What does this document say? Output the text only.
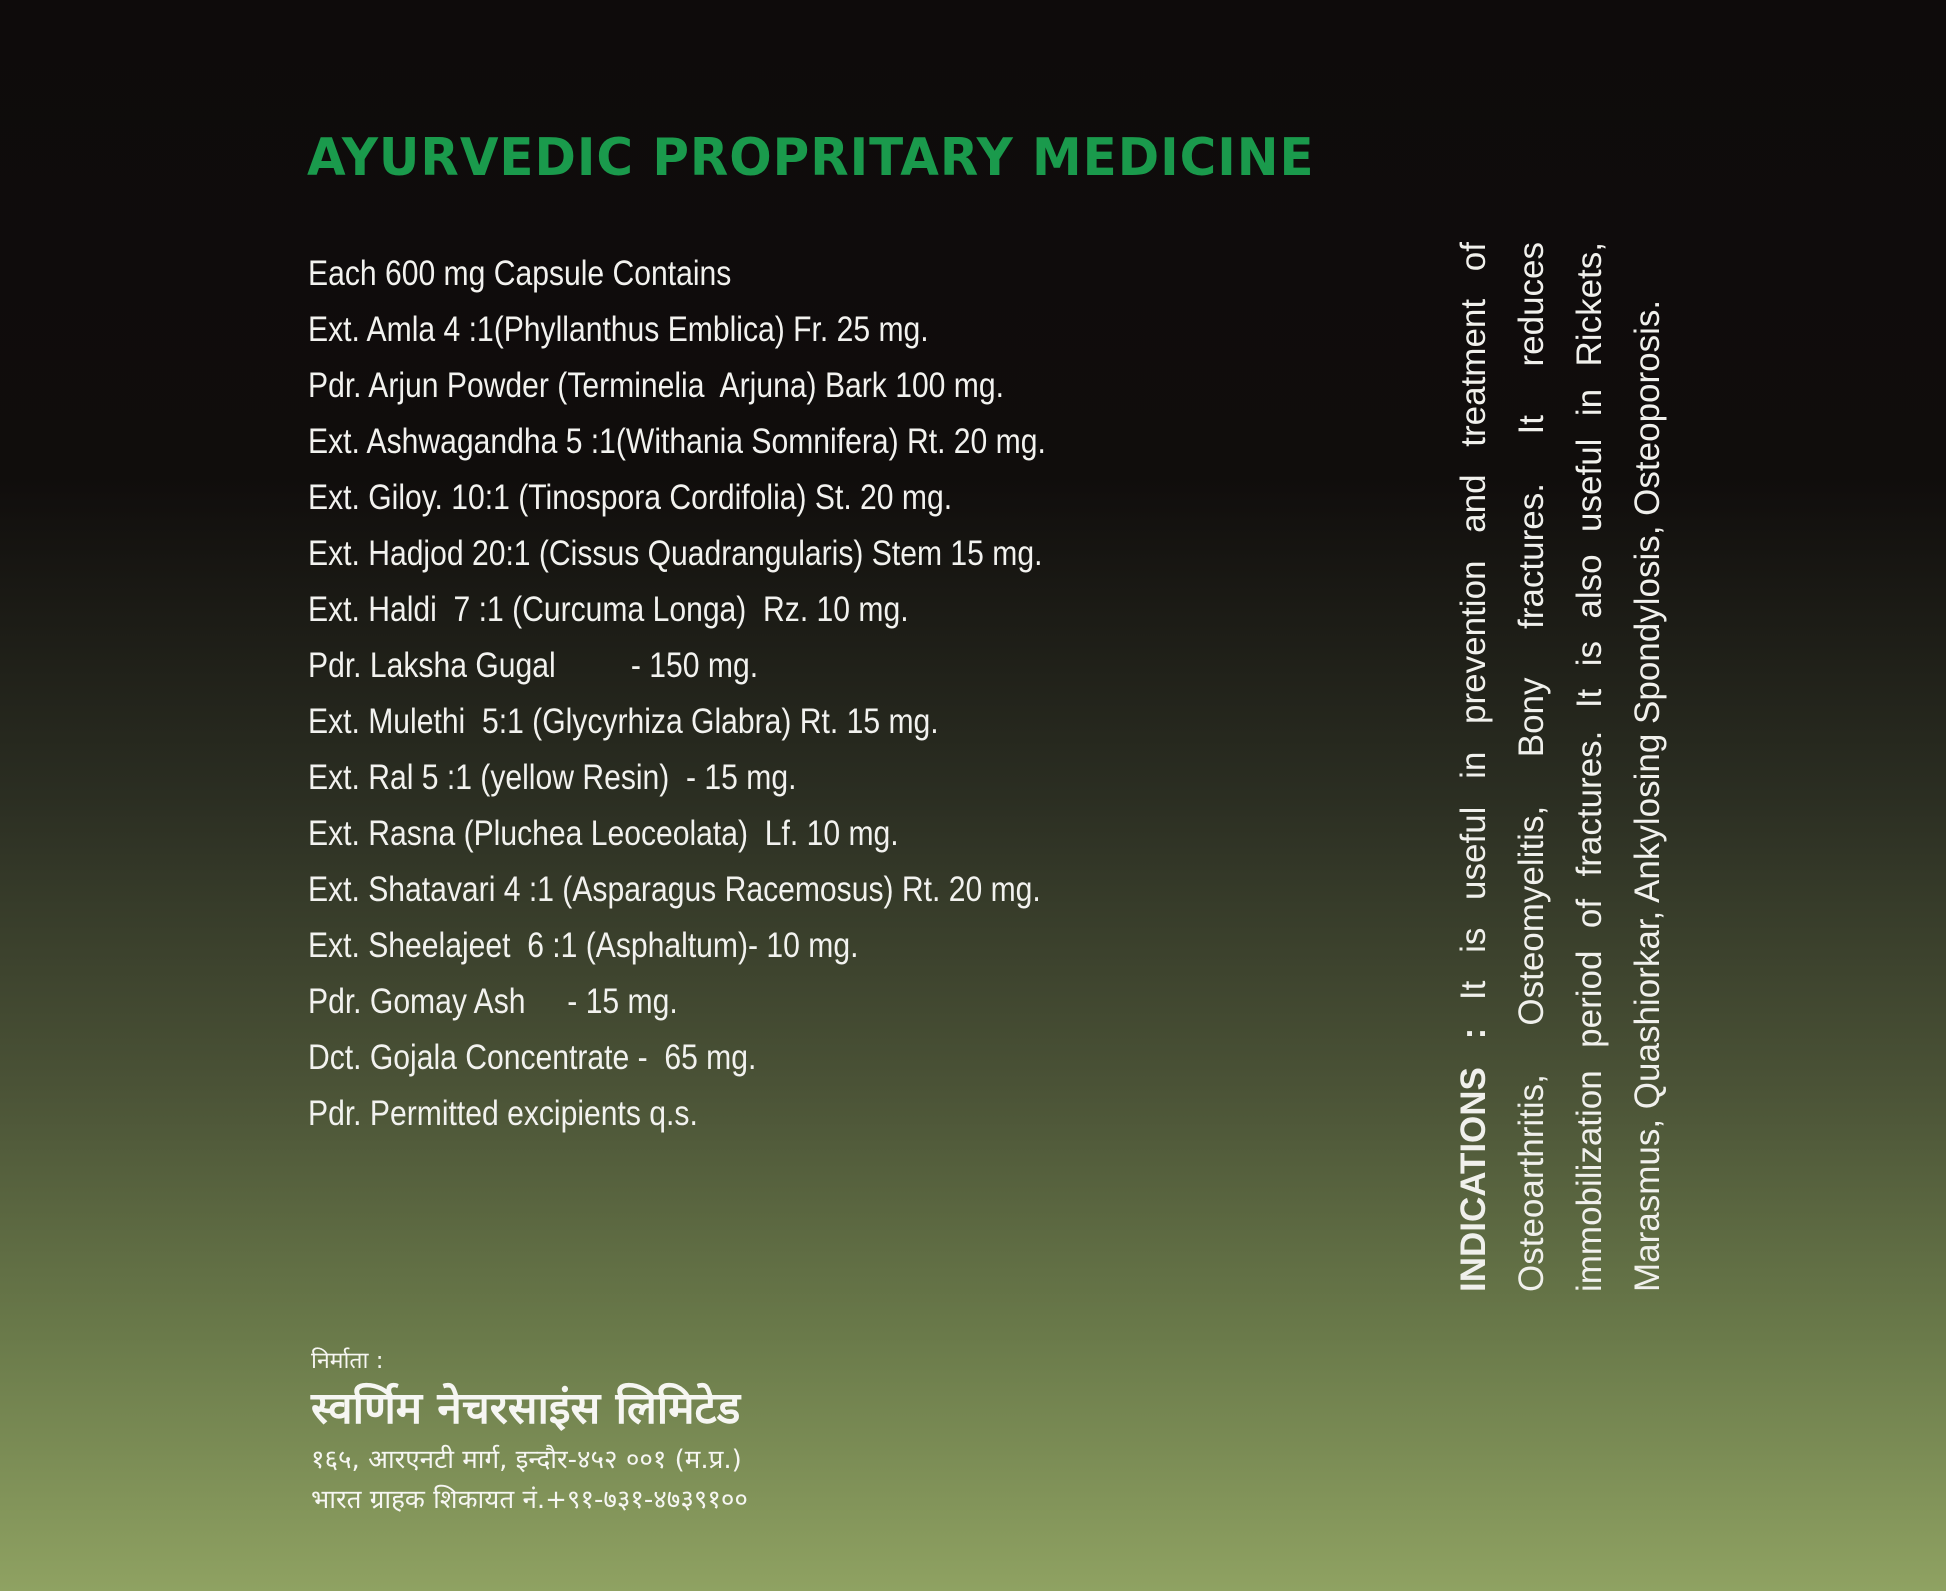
AYURVEDIC PROPRITARY MEDICINE
Each 600 mg Capsule Contains
Ext. Amla 4 :1(Phyllanthus Emblica) Fr. 25 mg.
Pdr. Arjun Powder (Terminelia  Arjuna) Bark 100 mg.
Ext. Ashwagandha 5 :1(Withania Somnifera) Rt. 20 mg.
Ext. Giloy. 10:1 (Tinospora Cordifolia) St. 20 mg.
Ext. Hadjod 20:1 (Cissus Quadrangularis) Stem 15 mg.
Ext. Haldi  7 :1 (Curcuma Longa)  Rz. 10 mg.
Pdr. Laksha Gugal         - 150 mg.
Ext. Mulethi  5:1 (Glycyrhiza Glabra) Rt. 15 mg.
Ext. Ral 5 :1 (yellow Resin)  - 15 mg.
Ext. Rasna (Pluchea Leoceolata)  Lf. 10 mg.
Ext. Shatavari 4 :1 (Asparagus Racemosus) Rt. 20 mg.
Ext. Sheelajeet  6 :1 (Asphaltum)- 10 mg.
Pdr. Gomay Ash     - 15 mg.
Dct. Gojala Concentrate -  65 mg.
Pdr. Permitted excipients q.s.	INDICATIONS : It is useful in prevention and treatment of Osteoarthritis, Osteomyelitis, Bony fractures. It reduces immobilization period of fractures. It is also useful in Rickets, Marasmus, Quashiorkar, Ankylosing Spondylosis, Osteoporosis.
निर्माता :
स्वर्णिम नेचरसाइंस लिमिटेड
१६५, आरएनटी मार्ग, इन्दौर-४५२ ००१ (म.प्र.)
भारत ग्राहक शिकायत नं.+९१-७३१-४७३९१००
